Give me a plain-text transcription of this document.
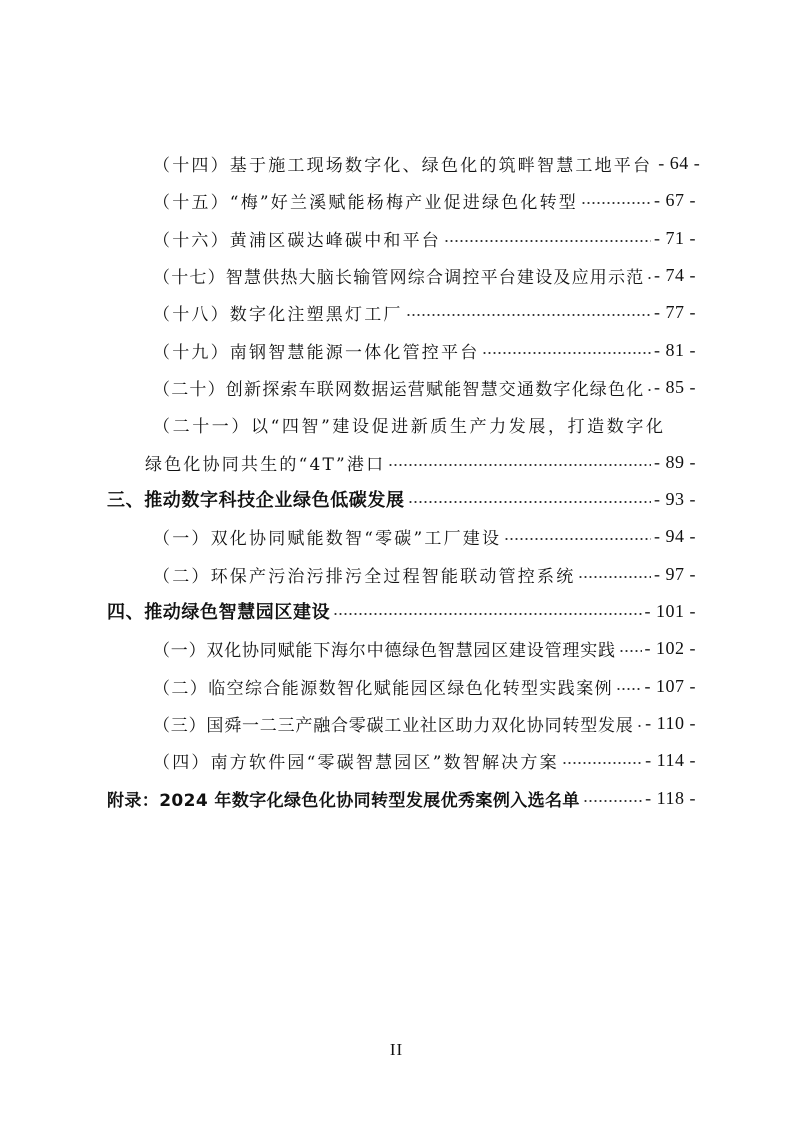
（十四）基于施工现场数字化、绿色化的筑畔智慧工地平台 - 64 -
（十五）“梅”好兰溪赋能杨梅产业促进绿色化转型	- 67 -
（十六）黄浦区碳达峰碳中和平台	- 71 -
（十七）智慧供热大脑长输管网综合调控平台建设及应用示范 - 74 -
（十八）数字化注塑黑灯工厂	- 77 -
（十九）南钢智慧能源一体化管控平台	- 81 -
（二十）创新探索车联网数据运营赋能智慧交通数字化绿色化 - 85 -
（二十一）以“四智”建设促进新质生产力发展，打造数字化
绿色化协同共生的“4T”港口	- 89 -
三、推动数字科技企业绿色低碳发展	- 93 -
（一）双化协同赋能数智“零碳”工厂建设	- 94 -
（二）环保产污治污排污全过程智能联动管控系统	- 97 -
四、推动绿色智慧园区建设	- 101 -
（一）双化协同赋能下海尔中德绿色智慧园区建设管理实践 - 102 -
（二）临空综合能源数智化赋能园区绿色化转型实践案例 - 107 -
（三）国舜一二三产融合零碳工业社区助力双化协同转型发展 - 110 -
（四）南方软件园“零碳智慧园区”数智解决方案	- 114 -
附录：2024 年数字化绿色化协同转型发展优秀案例入选名单	- 118 -
II
